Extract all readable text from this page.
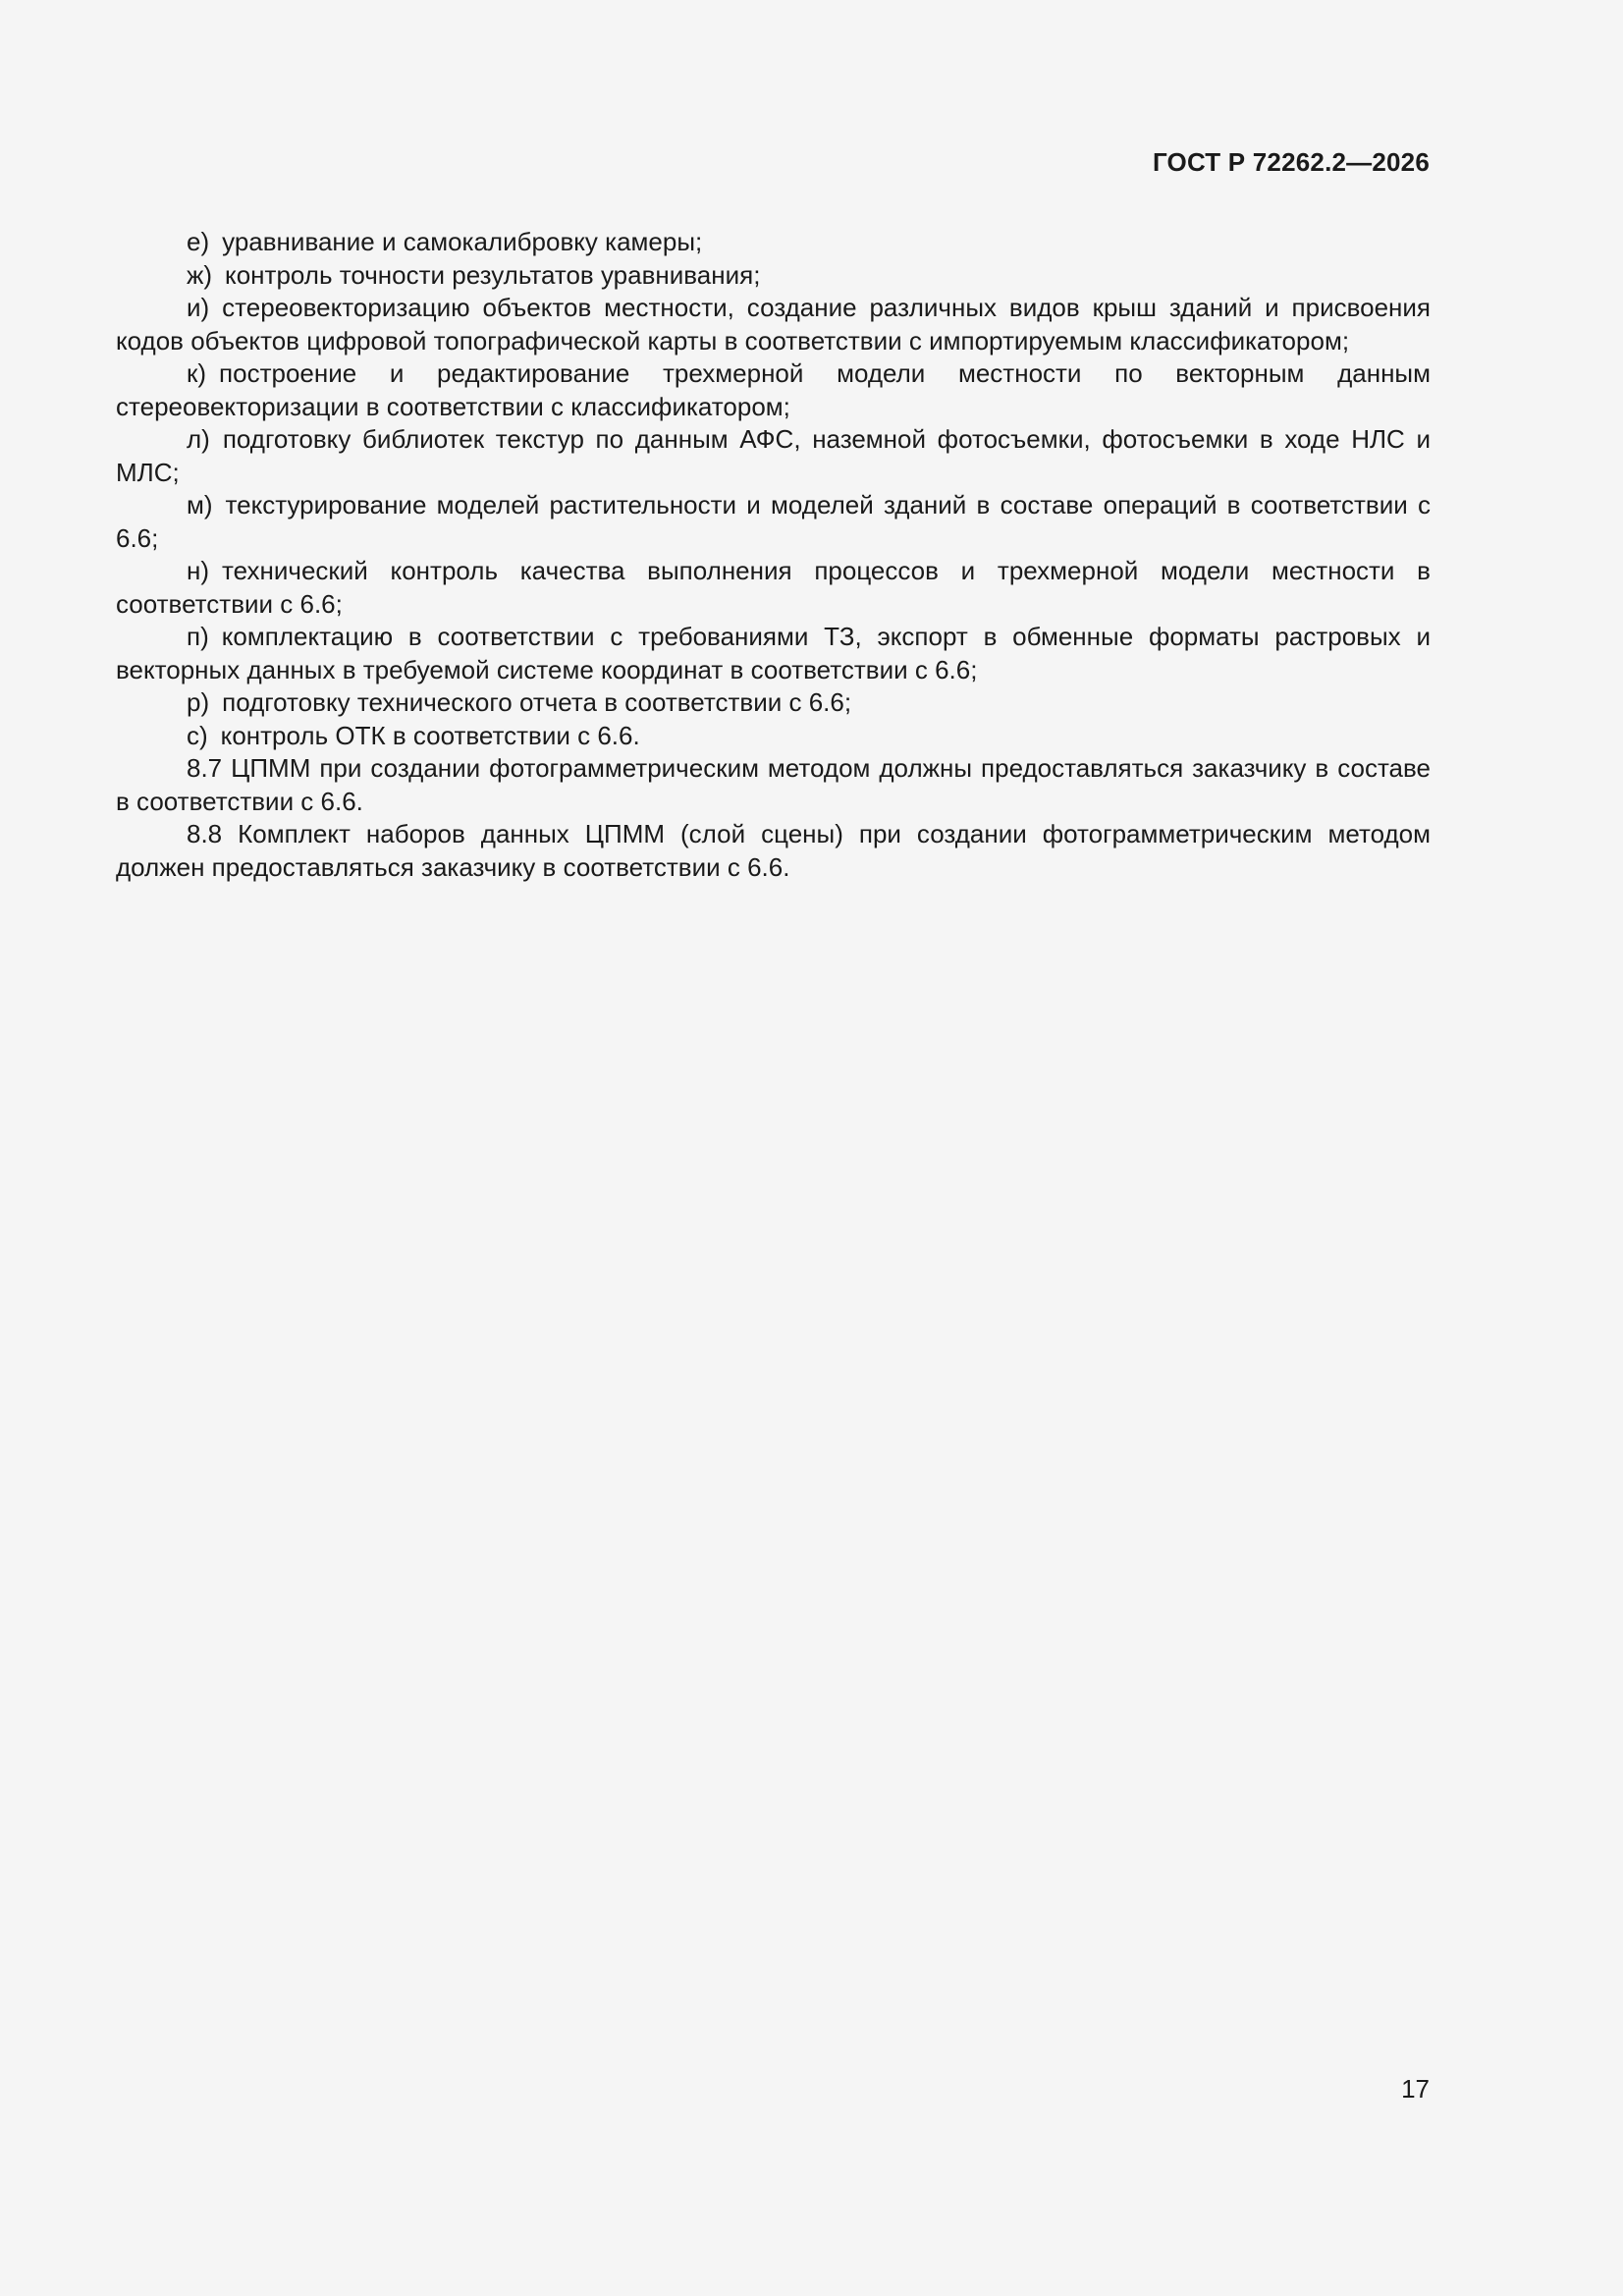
ГОСТ Р 72262.2—2026

е) уравнивание и самокалибровку камеры;

ж) контроль точности результатов уравнивания;

и) стереовекторизацию объектов местности, создание различных видов крыш зданий и присвоения кодов объектов цифровой топографической карты в соответствии с импортируемым классификатором;

к) построение и редактирование трехмерной модели местности по векторным данным стереовекторизации в соответствии с классификатором;

л) подготовку библиотек текстур по данным АФС, наземной фотосъемки, фотосъемки в ходе НЛС и МЛС;

м) текстурирование моделей растительности и моделей зданий в составе операций в соответствии с 6.6;

н) технический контроль качества выполнения процессов и трехмерной модели местности в соответствии с 6.6;

п) комплектацию в соответствии с требованиями ТЗ, экспорт в обменные форматы растровых и векторных данных в требуемой системе координат в соответствии с 6.6;

р) подготовку технического отчета в соответствии с 6.6;

с) контроль ОТК в соответствии с 6.6.

8.7 ЦПММ при создании фотограмметрическим методом должны предоставляться заказчику в составе в соответствии с 6.6.

8.8 Комплект наборов данных ЦПММ (слой сцены) при создании фотограмметрическим методом должен предоставляться заказчику в соответствии с 6.6.

17
